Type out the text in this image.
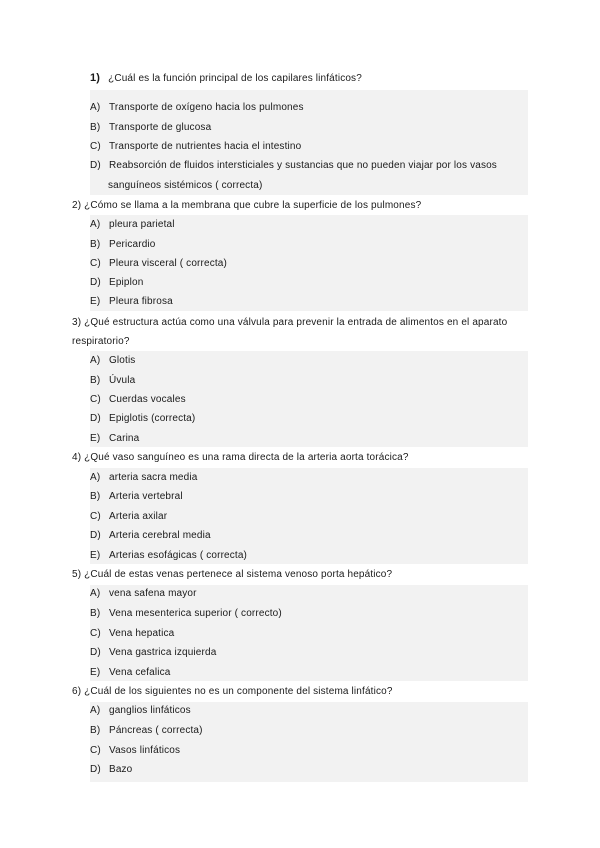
1) ¿Cuál es la función principal de los capilares linfáticos?
A) Transporte de oxígeno hacia los pulmones
B) Transporte de glucosa
C) Transporte de nutrientes hacia el intestino
D) Reabsorción de fluidos intersticiales y sustancias que no pueden viajar por los vasos
sanguíneos sistémicos ( correcta)
2) ¿Cómo se llama a la membrana que cubre la superficie de los pulmones?
A) pleura parietal
B) Pericardio
C) Pleura visceral ( correcta)
D) Epiplon
E) Pleura fibrosa
3) ¿Qué estructura actúa como una válvula para prevenir la entrada de alimentos en el aparato
respiratorio?
A) Glotis
B) Úvula
C) Cuerdas vocales
D) Epiglotis (correcta)
E) Carina
4) ¿Qué vaso sanguíneo es una rama directa de la arteria aorta torácica?
A) arteria sacra media
B) Arteria vertebral
C) Arteria axilar
D) Arteria cerebral media
E) Arterias esofágicas ( correcta)
5) ¿Cuál de estas venas pertenece al sistema venoso porta hepático?
A) vena safena mayor
B) Vena mesenterica superior ( correcto)
C) Vena hepatica
D) Vena gastrica izquierda
E) Vena cefalica
6) ¿Cuál de los siguientes no es un componente del sistema linfático?
A) ganglios linfáticos
B) Páncreas ( correcta)
C) Vasos linfáticos
D) Bazo
